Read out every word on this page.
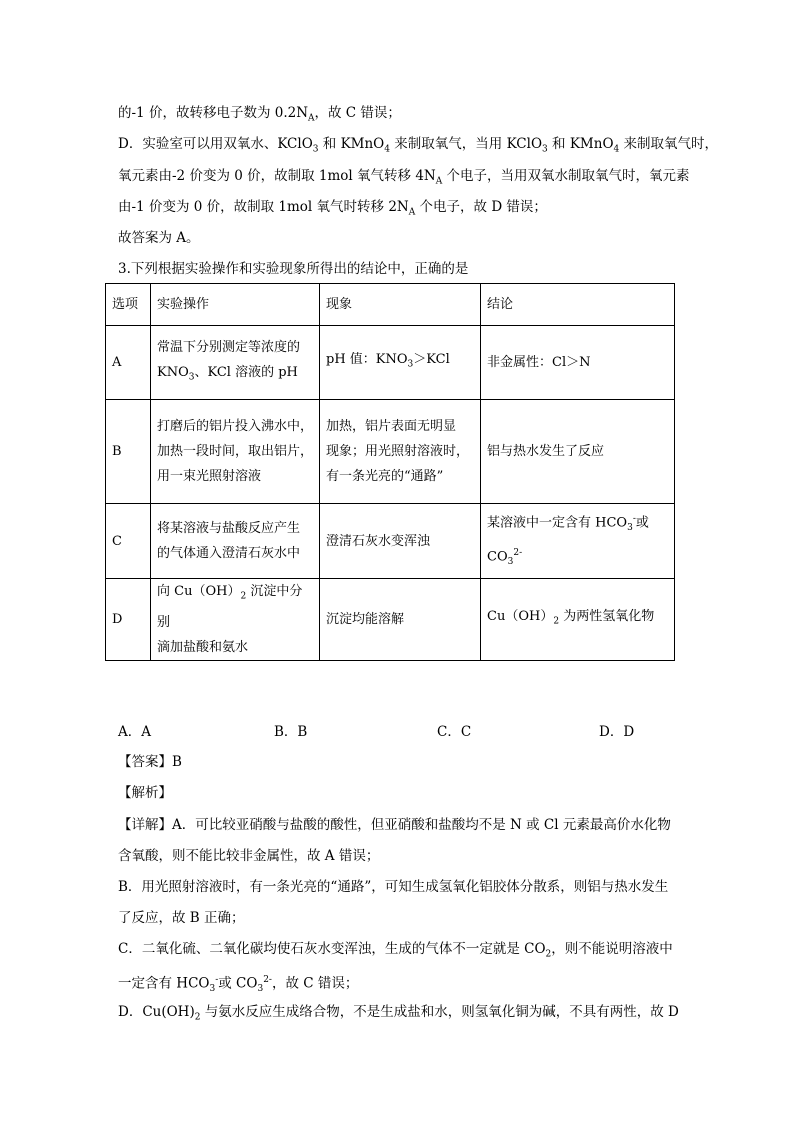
的-1 价，故转移电子数为 $0.2N_A$，故 C 错误；
D．实验室可以用双氧水、KClO$_3$ 和 KMnO$_4$ 来制取氧气，当用 KClO$_3$ 和 KMnO$_4$ 来制取氧气时，
氧元素由-2 价变为 0 价，故制取 1mol 氧气转移 $4N_A$ 个电子，当用双氧水制取氧气时，氧元素
由-1 价变为 0 价，故制取 1mol 氧气时转移 $2N_A$ 个电子，故 D 错误；
故答案为 A。
3.下列根据实验操作和实验现象所得出的结论中，正确的是
选项	实验操作	现象	结论
A	常温下分别测定等浓度的
$KNO_3$、KCl 溶液的 pH	pH 值：$KNO_3>KCl$	非金属性：Cl＞N
B	打磨后的铝片投入沸水中，
加热一段时间，取出铝片，
用一束光照射溶液	加热，铝片表面无明显
现象；用光照射溶液时，
有一条光亮的“通路”	铝与热水发生了反应
C	将某溶液与盐酸反应产生
的气体通入澄清石灰水中	澄清石灰水变浑浊	某溶液中一定含有 $HCO_3^-$或
$CO_3^{2-}$
D	向 $Cu(OH)_2$ 沉淀中分别
滴加盐酸和氨水	沉淀均能溶解	$Cu(OH)_2$ 为两性氢氧化物
A．A	B．B	C．C	D．D
【答案】B
【解析】
【详解】A．可比较亚硝酸与盐酸的酸性，但亚硝酸和盐酸均不是 N 或 Cl 元素最高价水化物
含氧酸，则不能比较非金属性，故 A 错误；
B．用光照射溶液时，有一条光亮的“通路”，可知生成氢氧化铝胶体分散系，则铝与热水发生
了反应，故 B 正确；
C．二氧化硫、二氧化碳均使石灰水变浑浊，生成的气体不一定就是 $CO_2$，则不能说明溶液中
一定含有 $HCO_3^-$或 $CO_3^{2-}$，故 C 错误；
D．$Cu(OH)_2$ 与氨水反应生成络合物，不是生成盐和水，则氢氧化铜为碱，不具有两性，故 D
